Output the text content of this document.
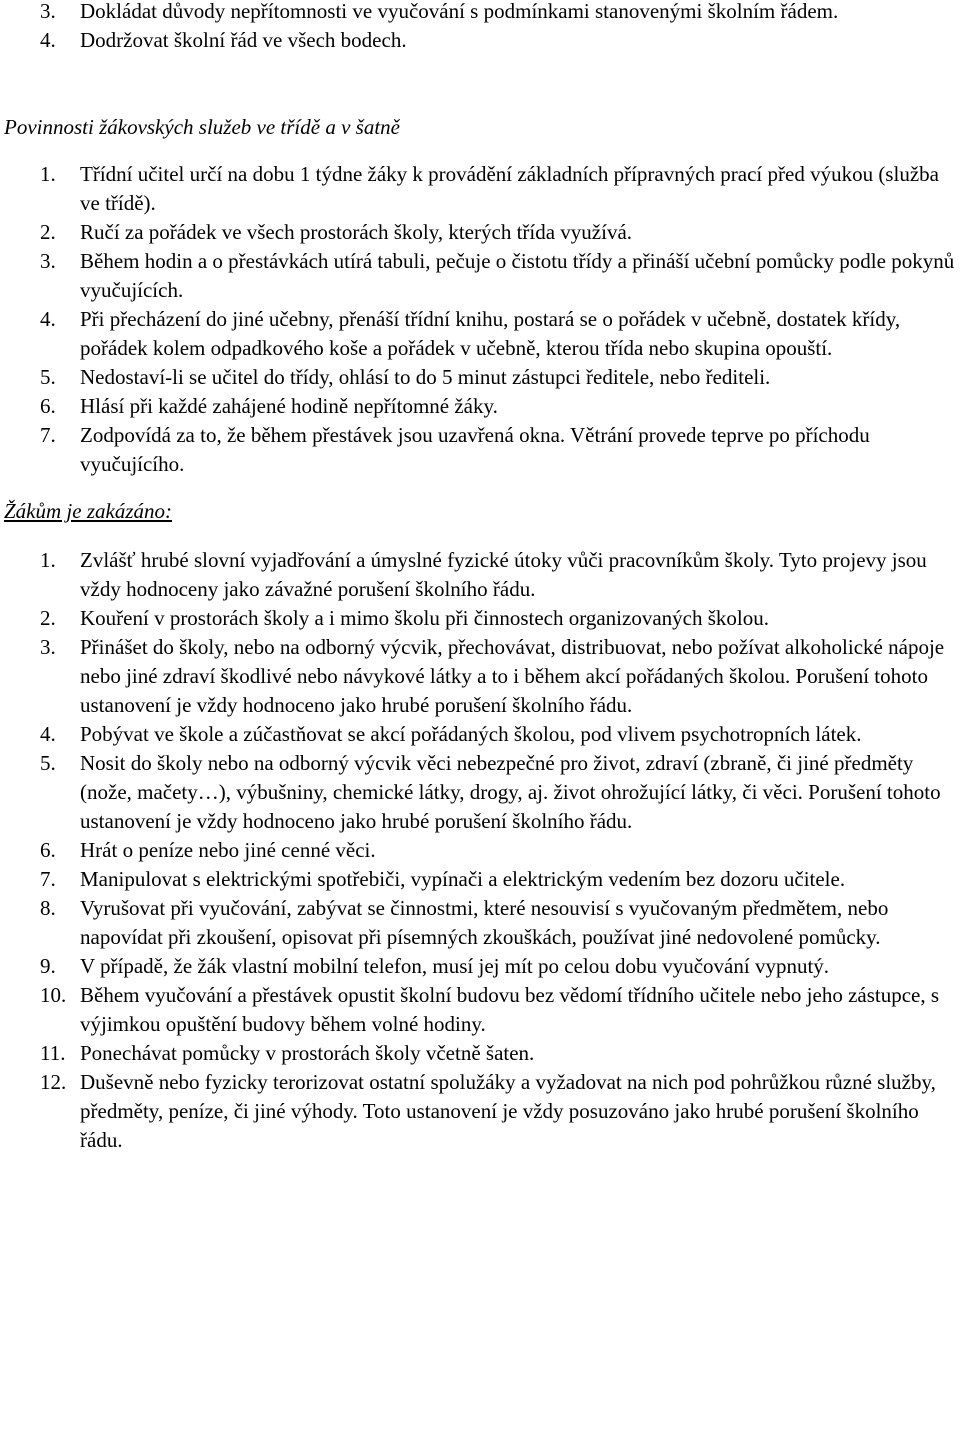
3. Dokládat důvody nepřítomnosti ve vyučování s podmínkami stanovenými školním řádem.
4. Dodržovat školní řád ve všech bodech.

Povinnosti žákovských služeb ve třídě a v šatně

1. Třídní učitel určí na dobu 1 týdne žáky k provádění základních přípravných prací před výukou (služba ve třídě).
2. Ručí za pořádek ve všech prostorách školy, kterých třída využívá.
3. Během hodin a o přestávkách utírá tabuli, pečuje o čistotu třídy a přináší učební pomůcky podle pokynů vyučujících.
4. Při přecházení do jiné učebny, přenáší třídní knihu, postará se o pořádek v učebně, dostatek křídy, pořádek kolem odpadkového koše a pořádek v učebně, kterou třída nebo skupina opouští.
5. Nedostaví-li se učitel do třídy, ohlásí to do 5 minut zástupci ředitele, nebo řediteli.
6. Hlásí při každé zahájené hodině nepřítomné žáky.
7. Zodpovídá za to, že během přestávek jsou uzavřená okna. Větrání provede teprve po příchodu vyučujícího.

Žákům je zakázáno:

1. Zvlášť hrubé slovní vyjadřování a úmyslné fyzické útoky vůči pracovníkům školy. Tyto projevy jsou vždy hodnoceny jako závažné porušení školního řádu.
2. Kouření v prostorách školy a i mimo školu při činnostech organizovaných školou.
3. Přinášet do školy, nebo na odborný výcvik, přechovávat, distribuovat, nebo požívat alkoholické nápoje nebo jiné zdraví škodlivé nebo návykové látky a to i během akcí pořádaných školou. Porušení tohoto ustanovení je vždy hodnoceno jako hrubé porušení školního řádu.
4. Pobývat ve škole a zúčastňovat se akcí pořádaných školou, pod vlivem psychotropních látek.
5. Nosit do školy nebo na odborný výcvik věci nebezpečné pro život, zdraví (zbraně, či jiné předměty (nože, mačety…), výbušniny, chemické látky, drogy, aj. život ohrožující látky, či věci. Porušení tohoto ustanovení je vždy hodnoceno jako hrubé porušení školního řádu.
6. Hrát o peníze nebo jiné cenné věci.
7. Manipulovat s elektrickými spotřebiči, vypínači a elektrickým vedením bez dozoru učitele.
8. Vyrušovat při vyučování, zabývat se činnostmi, které nesouvisí s vyučovaným předmětem, nebo napovídat při zkoušení, opisovat při písemných zkouškách, používat jiné nedovolené pomůcky.
9. V případě, že žák vlastní mobilní telefon, musí jej mít po celou dobu vyučování vypnutý.
10. Během vyučování a přestávek opustit školní budovu bez vědomí třídního učitele nebo jeho zástupce, s výjimkou opuštění budovy během volné hodiny.
11. Ponechávat pomůcky v prostorách školy včetně šaten.
12. Duševně nebo fyzicky terorizovat ostatní spolužáky a vyžadovat na nich pod pohrůžkou různé služby, předměty, peníze, či jiné výhody. Toto ustanovení je vždy posuzováno jako hrubé porušení školního řádu.
